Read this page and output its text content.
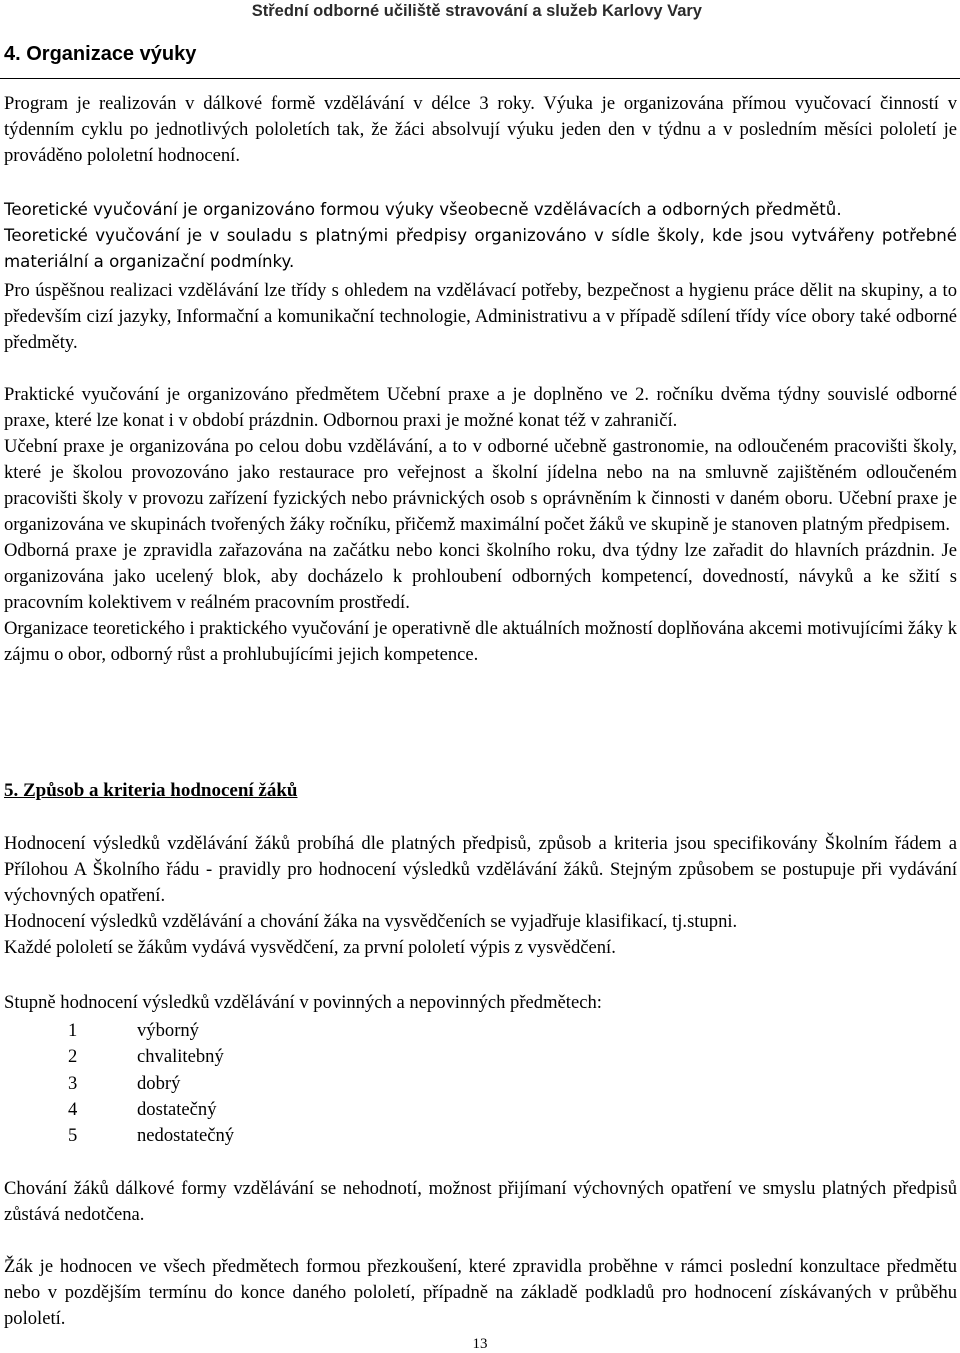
Střední odborné učiliště stravování a služeb Karlovy Vary
4. Organizace výuky

Program je realizován v dálkové formě vzdělávání v délce 3 roky. Výuka je organizována přímou vyučovací činností v týdenním cyklu po jednotlivých pololetích tak, že žáci absolvují výuku jeden den v týdnu a v posledním měsíci pololetí je prováděno pololetní hodnocení.

Teoretické vyučování je organizováno formou výuky všeobecně vzdělávacích a odborných předmětů.

Teoretické vyučování je v souladu s platnými předpisy organizováno v sídle školy, kde jsou vytvářeny potřebné materiální a organizační podmínky.

Pro úspěšnou realizaci vzdělávání lze třídy s ohledem na vzdělávací potřeby, bezpečnost a hygienu práce dělit na skupiny, a to především cizí jazyky, Informační a komunikační technologie, Administrativu a v případě sdílení třídy více obory také odborné předměty.

Praktické vyučování je organizováno předmětem Učební praxe a je doplněno ve 2. ročníku dvěma týdny souvislé odborné praxe, které lze konat i v období prázdnin. Odbornou praxi je možné konat též v zahraničí.

Učební praxe je organizována po celou dobu vzdělávání, a to v odborné učebně gastronomie, na odloučeném pracovišti školy, které je školou provozováno jako restaurace pro veřejnost a školní jídelna nebo na na smluvně zajištěném odloučeném pracovišti školy v provozu zařízení fyzických nebo právnických osob s oprávněním k činnosti v daném oboru. Učební praxe je organizována ve skupinách tvořených žáky ročníku, přičemž maximální počet žáků ve skupině je stanoven platným předpisem.

Odborná praxe je zpravidla zařazována na začátku nebo konci školního roku, dva týdny lze zařadit do hlavních prázdnin. Je organizována jako ucelený blok, aby docházelo k prohloubení odborných kompetencí, dovedností, návyků a ke sžití s pracovním kolektivem v reálném pracovním prostředí.

Organizace teoretického i praktického vyučování je operativně dle aktuálních možností doplňována akcemi motivujícími žáky k zájmu o obor, odborný růst a prohlubujícími jejich kompetence.

5. Způsob a kriteria hodnocení žáků

Hodnocení výsledků vzdělávání žáků probíhá dle platných předpisů, způsob a kriteria jsou specifikovány Školním řádem a Přílohou A Školního řádu - pravidly pro hodnocení výsledků vzdělávání žáků. Stejným způsobem se postupuje při vydávání výchovných opatření.

Hodnocení výsledků vzdělávání a chování žáka na vysvědčeních se vyjadřuje klasifikací, tj.stupni.

Každé pololetí se žákům vydává vysvědčení, za první pololetí výpis z vysvědčení.

Stupně hodnocení výsledků vzdělávání v povinných a nepovinných předmětech:

1	výborný
2	chvalitebný
3	dobrý
4	dostatečný
5	nedostatečný

Chování žáků dálkové formy vzdělávání se nehodnotí, možnost přijímaní výchovných opatření ve smyslu platných předpisů zůstává nedotčena.

Žák je hodnocen ve všech předmětech formou přezkoušení, které zpravidla proběhne v rámci poslední konzultace předmětu nebo v pozdějším termínu do konce daného pololetí, případně na základě podkladů pro hodnocení získávaných v průběhu pololetí.

13
